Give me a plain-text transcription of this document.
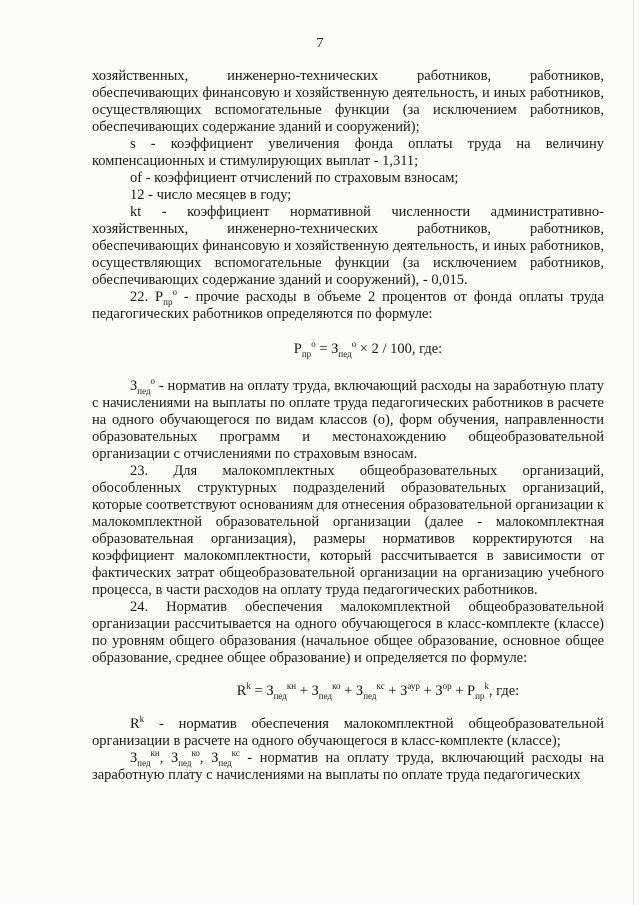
7

хозяйственных, инженерно-технических работников, работников, обеспечивающих финансовую и хозяйственную деятельность, и иных работников, осуществляющих вспомогательные функции (за исключением работников, обеспечивающих содержание зданий и сооружений);

s - коэффициент увеличения фонда оплаты труда на величину компенсационных и стимулирующих выплат - 1,311;

of - коэффициент отчислений по страховым взносам;

12 - число месяцев в году;

kt - коэффициент нормативной численности административно-хозяйственных, инженерно-технических работников, работников, обеспечивающих финансовую и хозяйственную деятельность, и иных работников, осуществляющих вспомогательные функции (за исключением работников, обеспечивающих содержание зданий и сооружений), - 0,015.

22. $Р_{пр}^о$ - прочие расходы в объеме 2 процентов от фонда оплаты труда педагогических работников определяются по формуле:

$Р_{пр}^о = З_{пед}^о \times 2 / 100$, где:

$З_{пед}^о$ - норматив на оплату труда, включающий расходы на заработную плату с начислениями на выплаты по оплате труда педагогических работников в расчете на одного обучающегося по видам классов (о), форм обучения, направленности образовательных программ и местонахождению общеобразовательной организации с отчислениями по страховым взносам.

23. Для малокомплектных общеобразовательных организаций, обособленных структурных подразделений образовательных организаций, которые соответствуют основаниям для отнесения образовательной организации к малокомплектной образовательной организации (далее - малокомплектная образовательная организация), размеры нормативов корректируются на коэффициент малокомплектности, который рассчитывается в зависимости от фактических затрат общеобразовательной организации на организацию учебного процесса, в части расходов на оплату труда педагогических работников.

24. Норматив обеспечения малокомплектной общеобразовательной организации рассчитывается на одного обучающегося в класс-комплекте (классе) по уровням общего образования (начальное общее образование, основное общее образование, среднее общее образование) и определяется по формуле:

$R^k = З_{пед}^{кн} + З_{пед}^{ко} + З_{пед}^{кс} + З^{аур} + З^{ор} + Р_{пр}^k$, где:

$R^k$ - норматив обеспечения малокомплектной общеобразовательной организации в расчете на одного обучающегося в класс-комплекте (классе);

$З_{пед}^{кн}$, $З_{пед}^{ко}$, $З_{пед}^{кс}$ - норматив на оплату труда, включающий расходы на заработную плату с начислениями на выплаты по оплате труда педагогических
